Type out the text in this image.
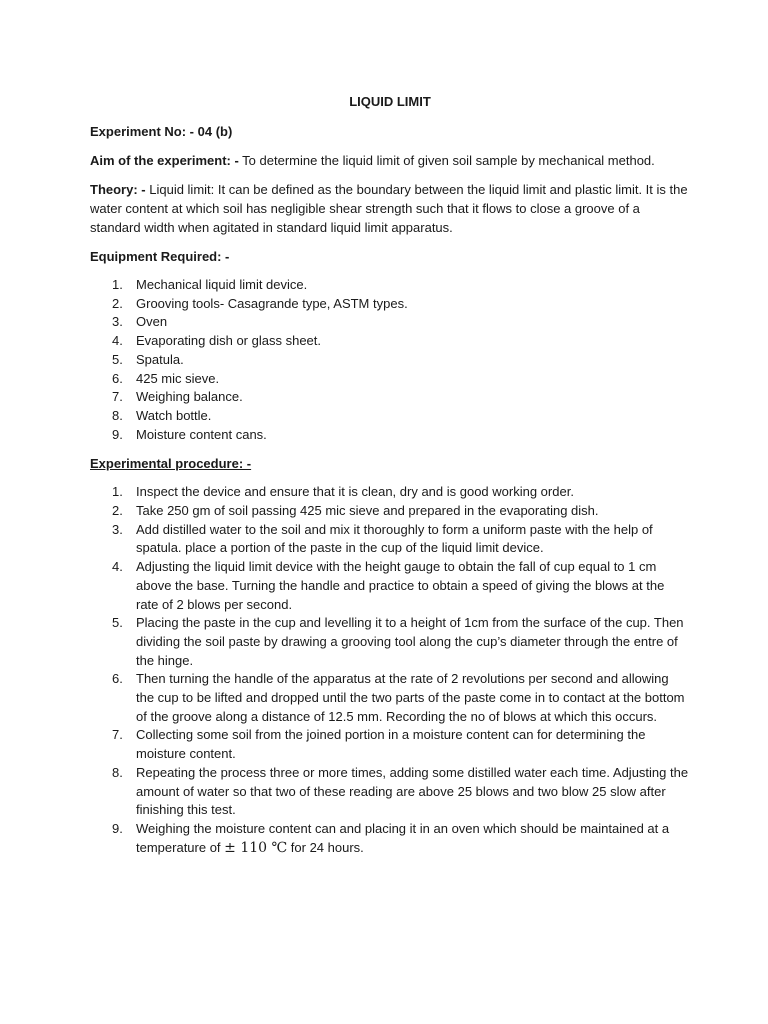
LIQUID LIMIT

Experiment No: - 04 (b)

Aim of the experiment: - To determine the liquid limit of given soil sample by mechanical method.

Theory: - Liquid limit: It can be defined as the boundary between the liquid limit and plastic limit. It is the water content at which soil has negligible shear strength such that it flows to close a groove of a standard width when agitated in standard liquid limit apparatus.

Equipment Required: -

1. Mechanical liquid limit device.
2. Grooving tools- Casagrande type, ASTM types.
3. Oven
4. Evaporating dish or glass sheet.
5. Spatula.
6. 425 mic sieve.
7. Weighing balance.
8. Watch bottle.
9. Moisture content cans.

Experimental procedure: -

1. Inspect the device and ensure that it is clean, dry and is good working order.
2. Take 250 gm of soil passing 425 mic sieve and prepared in the evaporating dish.
3. Add distilled water to the soil and mix it thoroughly to form a uniform paste with the help of spatula. place a portion of the paste in the cup of the liquid limit device.
4. Adjusting the liquid limit device with the height gauge to obtain the fall of cup equal to 1 cm above the base. Turning the handle and practice to obtain a speed of giving the blows at the rate of 2 blows per second.
5. Placing the paste in the cup and levelling it to a height of 1cm from the surface of the cup. Then dividing the soil paste by drawing a grooving tool along the cup’s diameter through the entre of the hinge.
6. Then turning the handle of the apparatus at the rate of 2 revolutions per second and allowing the cup to be lifted and dropped until the two parts of the paste come in to contact at the bottom of the groove along a distance of 12.5 mm. Recording the no of blows at which this occurs.
7. Collecting some soil from the joined portion in a moisture content can for determining the moisture content.
8. Repeating the process three or more times, adding some distilled water each time. Adjusting the amount of water so that two of these reading are above 25 blows and two blow 25 slow after finishing this test.
9. Weighing the moisture content can and placing it in an oven which should be maintained at a temperature of ± 110 ℃ for 24 hours.
